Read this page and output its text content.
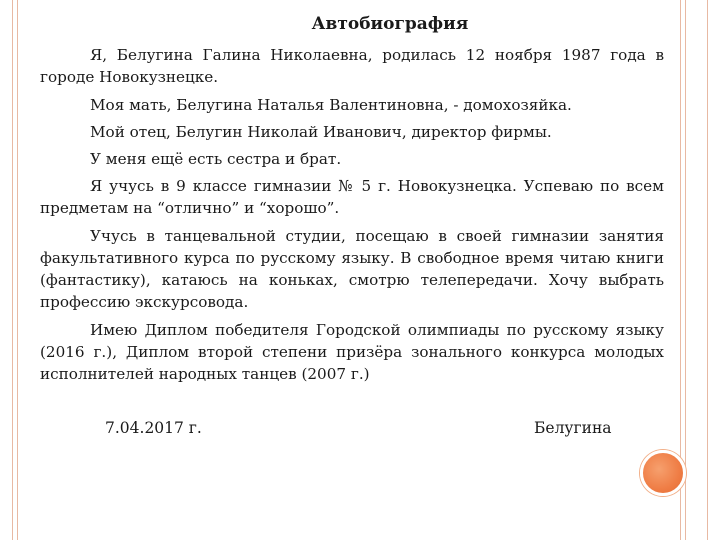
Автобиография

Я, Белугина Галина Николаевна, родилась 12 ноября 1987 года в городе Новокузнецке.

Моя мать, Белугина Наталья Валентиновна, - домохозяйка.

Мой отец, Белугин Николай Иванович, директор фирмы.

У меня ещё есть сестра и брат.

Я учусь в 9 классе гимназии № 5 г. Новокузнецка. Успеваю по всем предметам на “отлично” и “хорошо”.

Учусь в танцевальной студии, посещаю в своей гимназии занятия факультативного курса по русскому языку. В свободное время читаю книги (фантастику), катаюсь на коньках, смотрю телепередачи. Хочу выбрать профессию экскурсовода.

Имею Диплом победителя Городской олимпиады по русскому языку (2016 г.), Диплом второй степени призёра зонального конкурса молодых исполнителей народных танцев (2007 г.)

7.04.2017 г.	Белугина
